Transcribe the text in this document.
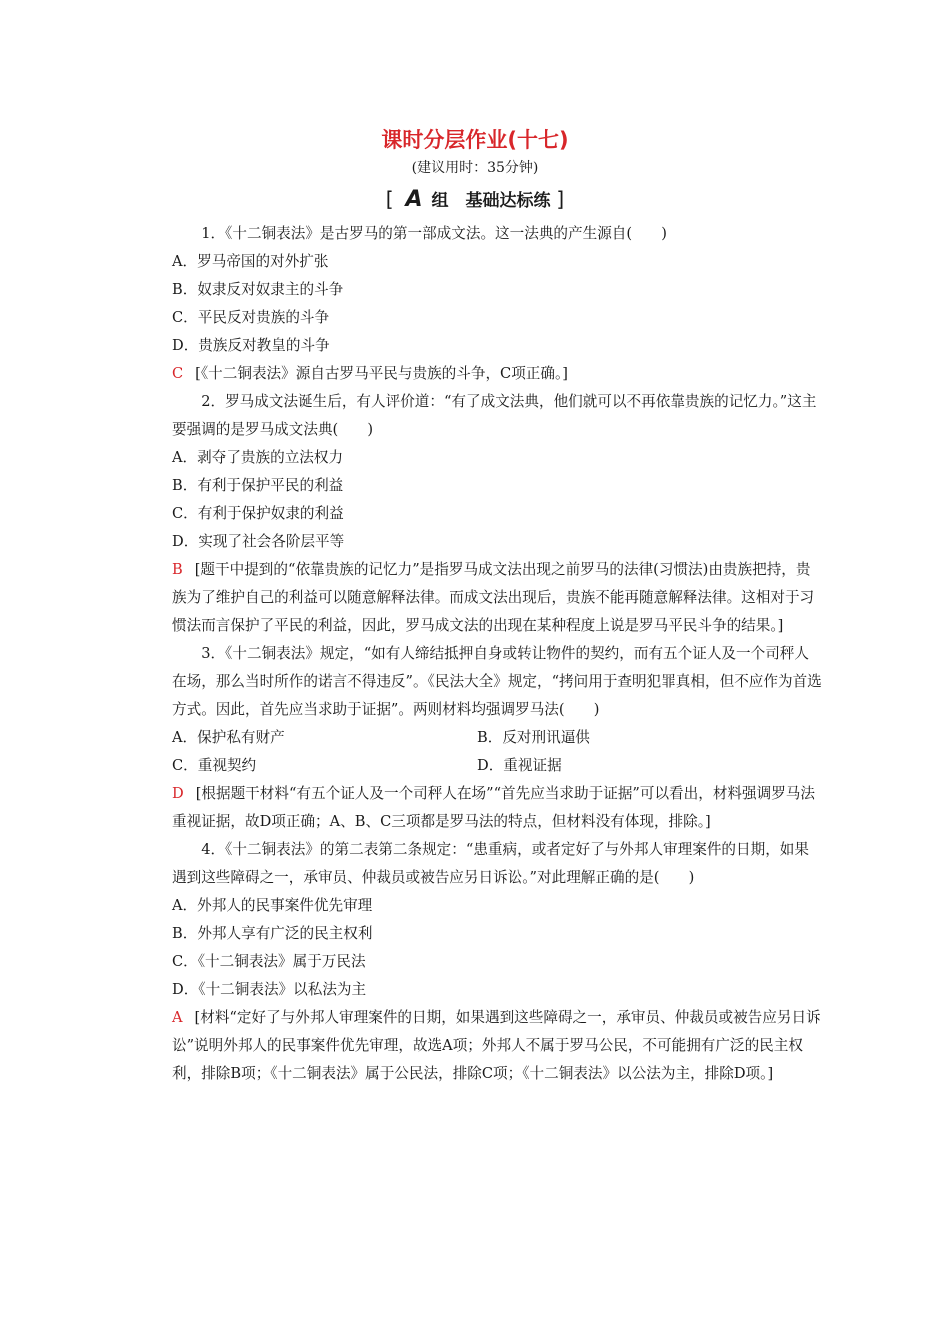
课时分层作业(十七)
(建议用时：35分钟)
[ A 组　基础达标练 ]

1．《十二铜表法》是古罗马的第一部成文法。这一法典的产生源自(　　)

A．罗马帝国的对外扩张

B．奴隶反对奴隶主的斗争

C．平民反对贵族的斗争

D．贵族反对教皇的斗争

C [《十二铜表法》源自古罗马平民与贵族的斗争，C项正确。]

2．罗马成文法诞生后，有人评价道：“有了成文法典，他们就可以不再依靠贵族的记忆力。”这主要强调的是罗马成文法典(　　)

A．剥夺了贵族的立法权力

B．有利于保护平民的利益

C．有利于保护奴隶的利益

D．实现了社会各阶层平等

B [题干中提到的“依靠贵族的记忆力”是指罗马成文法出现之前罗马的法律(习惯法)由贵族把持，贵族为了维护自己的利益可以随意解释法律。而成文法出现后，贵族不能再随意解释法律。这相对于习惯法而言保护了平民的利益，因此，罗马成文法的出现在某种程度上说是罗马平民斗争的结果。]

3．《十二铜表法》规定，“如有人缔结抵押自身或转让物件的契约，而有五个证人及一个司秤人在场，那么当时所作的诺言不得违反”。《民法大全》规定，“拷问用于查明犯罪真相，但不应作为首选方式。因此，首先应当求助于证据”。两则材料均强调罗马法(　　)

A．保护私有财产	B．反对刑讯逼供

C．重视契约	D．重视证据

D [根据题干材料“有五个证人及一个司秤人在场”“首先应当求助于证据”可以看出，材料强调罗马法重视证据，故D项正确；A、B、C三项都是罗马法的特点，但材料没有体现，排除。]

4．《十二铜表法》的第二表第二条规定：“患重病，或者定好了与外邦人审理案件的日期，如果遇到这些障碍之一，承审员、仲裁员或被告应另日诉讼。”对此理解正确的是(　　)

A．外邦人的民事案件优先审理

B．外邦人享有广泛的民主权利

C．《十二铜表法》属于万民法

D．《十二铜表法》以私法为主

A [材料“定好了与外邦人审理案件的日期，如果遇到这些障碍之一，承审员、仲裁员或被告应另日诉讼”说明外邦人的民事案件优先审理，故选A项；外邦人不属于罗马公民，不可能拥有广泛的民主权利，排除B项；《十二铜表法》属于公民法，排除C项；《十二铜表法》以公法为主，排除D项。]
